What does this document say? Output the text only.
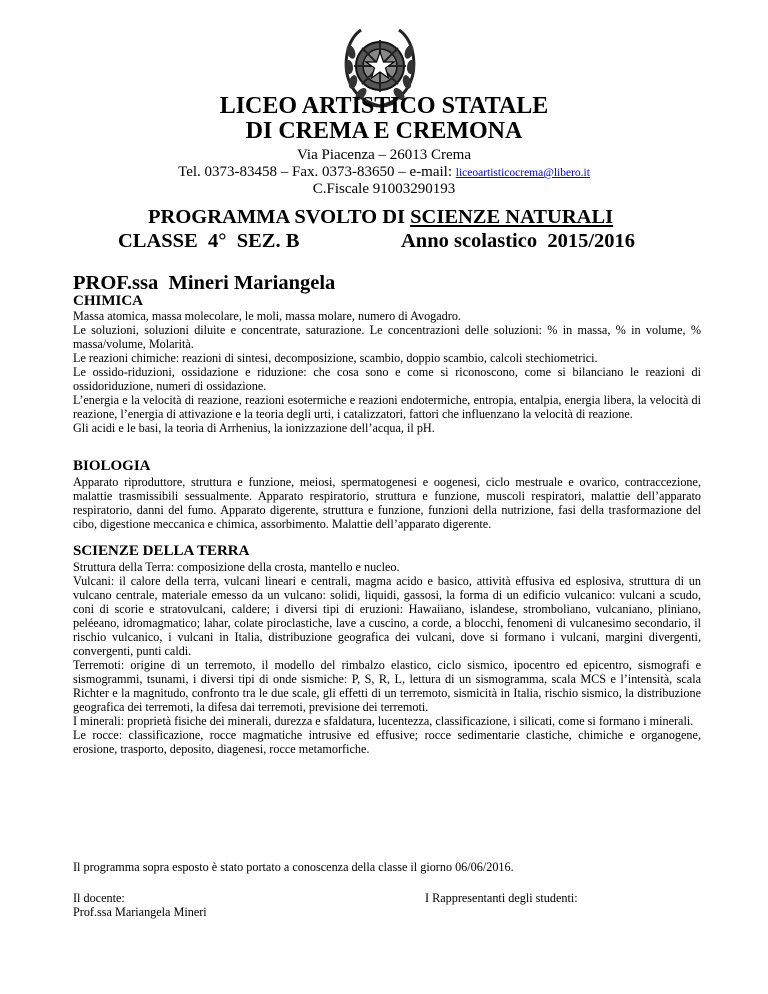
LICEO ARTISTICO STATALE
DI CREMA E CREMONA
Via Piacenza – 26013 Crema
Tel. 0373-83458 – Fax. 0373-83650 – e-mail: liceoartisticocrema@libero.it
C.Fiscale 91003290193
PROGRAMMA SVOLTO DI SCIENZE NATURALI
CLASSE  4°  SEZ. B	Anno scolastico  2015/2016
PROF.ssa  Mineri Mariangela
CHIMICA

Massa atomica, massa molecolare, le moli, massa molare, numero di Avogadro.

Le soluzioni, soluzioni diluite e concentrate, saturazione. Le concentrazioni delle soluzioni: % in massa, % in volume, % massa/volume, Molarità.

Le reazioni chimiche: reazioni di sintesi, decomposizione, scambio, doppio scambio, calcoli stechiometrici.

Le ossido-riduzioni, ossidazione e riduzione: che cosa sono e come si riconoscono, come si bilanciano le reazioni di ossidoriduzione, numeri di ossidazione.

L’energia e la velocità di reazione, reazioni esotermiche e reazioni endotermiche, entropia, entalpia, energia libera, la velocità di reazione, l’energia di attivazione e la teoria degli urti, i catalizzatori, fattori che influenzano la velocità di reazione.

Gli acidi e le basi, la teoria di Arrhenius, la ionizzazione dell’acqua, il pH.

BIOLOGIA

Apparato riproduttore, struttura e funzione, meiosi, spermatogenesi e oogenesi, ciclo mestruale e ovarico, contraccezione, malattie trasmissibili sessualmente. Apparato respiratorio, struttura e funzione, muscoli respiratori, malattie dell’apparato respiratorio, danni del fumo. Apparato digerente, struttura e funzione, funzioni della nutrizione, fasi della trasformazione del cibo, digestione meccanica e chimica, assorbimento. Malattie dell’apparato digerente.

SCIENZE DELLA TERRA

Struttura della Terra: composizione della crosta, mantello e nucleo.

Vulcani: il calore della terra, vulcani lineari e centrali, magma acido e basico, attività effusiva ed esplosiva, struttura di un vulcano centrale, materiale emesso da un vulcano: solidi, liquidi, gassosi, la forma di un edificio vulcanico: vulcani a scudo, coni di scorie e stratovulcani, caldere; i diversi tipi di eruzioni: Hawaiiano, islandese, stromboliano, vulcaniano, pliniano, peléeano, idromagmatico; lahar, colate piroclastiche, lave a cuscino, a corde, a blocchi, fenomeni di vulcanesimo secondario, il rischio vulcanico, i vulcani in Italia, distribuzione geografica dei vulcani, dove si formano i vulcani, margini divergenti, convergenti, punti caldi.

Terremoti: origine di un terremoto, il modello del rimbalzo elastico, ciclo sismico, ipocentro ed epicentro, sismografi e sismogrammi, tsunami, i diversi tipi di onde sismiche: P, S, R, L, lettura di un sismogramma, scala MCS e l’intensità, scala Richter e la magnitudo, confronto tra le due scale, gli effetti di un terremoto, sismicità in Italia, rischio sismico, la distribuzione geografica dei terremoti, la difesa dai terremoti, previsione dei terremoti.

I minerali: proprietà fisiche dei minerali, durezza e sfaldatura, lucentezza, classificazione, i silicati, come si formano i minerali.

Le rocce: classificazione, rocce magmatiche intrusive ed effusive; rocce sedimentarie clastiche, chimiche e organogene, erosione, trasporto, deposito, diagenesi, rocce metamorfiche.

Il programma sopra esposto è stato portato a conoscenza della classe il giorno 06/06/2016.
Il docente:
Prof.ssa Mariangela Mineri
I Rappresentanti degli studenti:
